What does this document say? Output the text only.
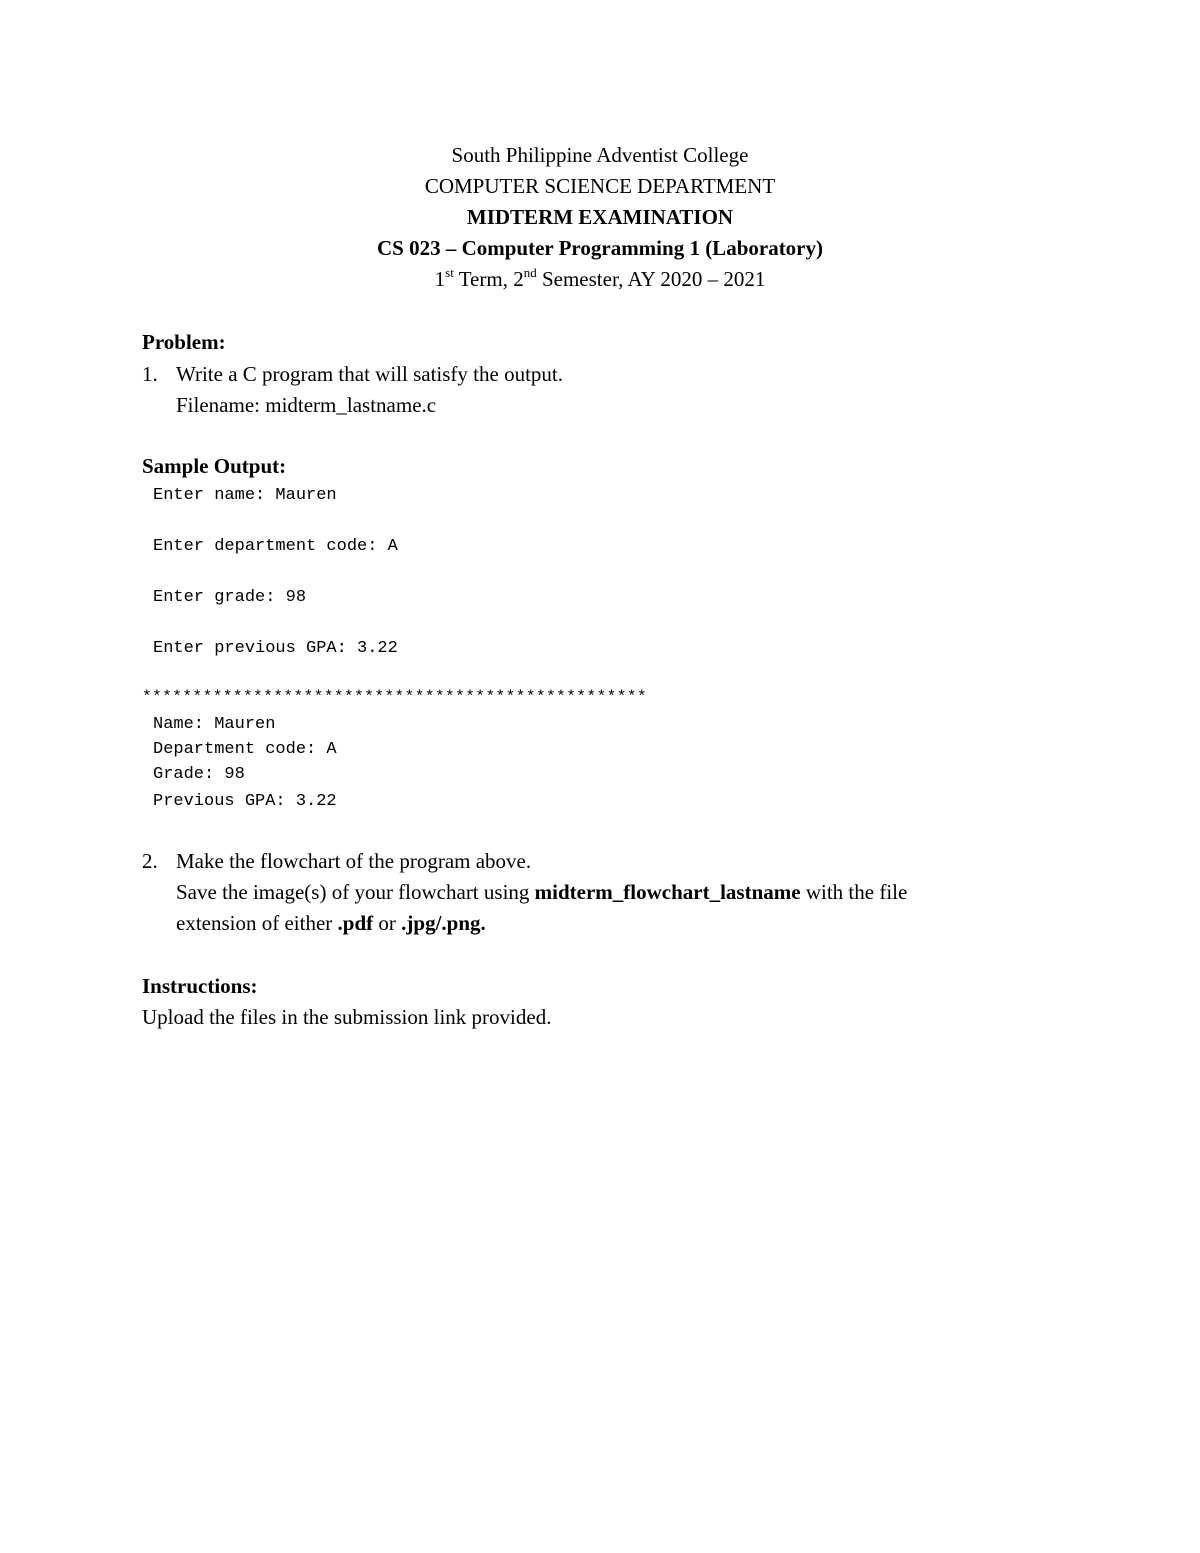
South Philippine Adventist College
COMPUTER SCIENCE DEPARTMENT
MIDTERM EXAMINATION
CS 023 – Computer Programming 1 (Laboratory)
1st Term, 2nd Semester, AY 2020 – 2021
Problem:
1. Write a C program that will satisfy the output.
Filename: midterm_lastname.c
Sample Output:
Enter name: Mauren
Enter department code: A
Enter grade: 98
Enter previous GPA: 3.22
**************************************************
Name: Mauren
Department code: A
Grade: 98
Previous GPA: 3.22
2. Make the flowchart of the program above.
Save the image(s) of your flowchart using midterm_flowchart_lastname with the file
extension of either .pdf or .jpg/.png.
Instructions:
Upload the files in the submission link provided.
